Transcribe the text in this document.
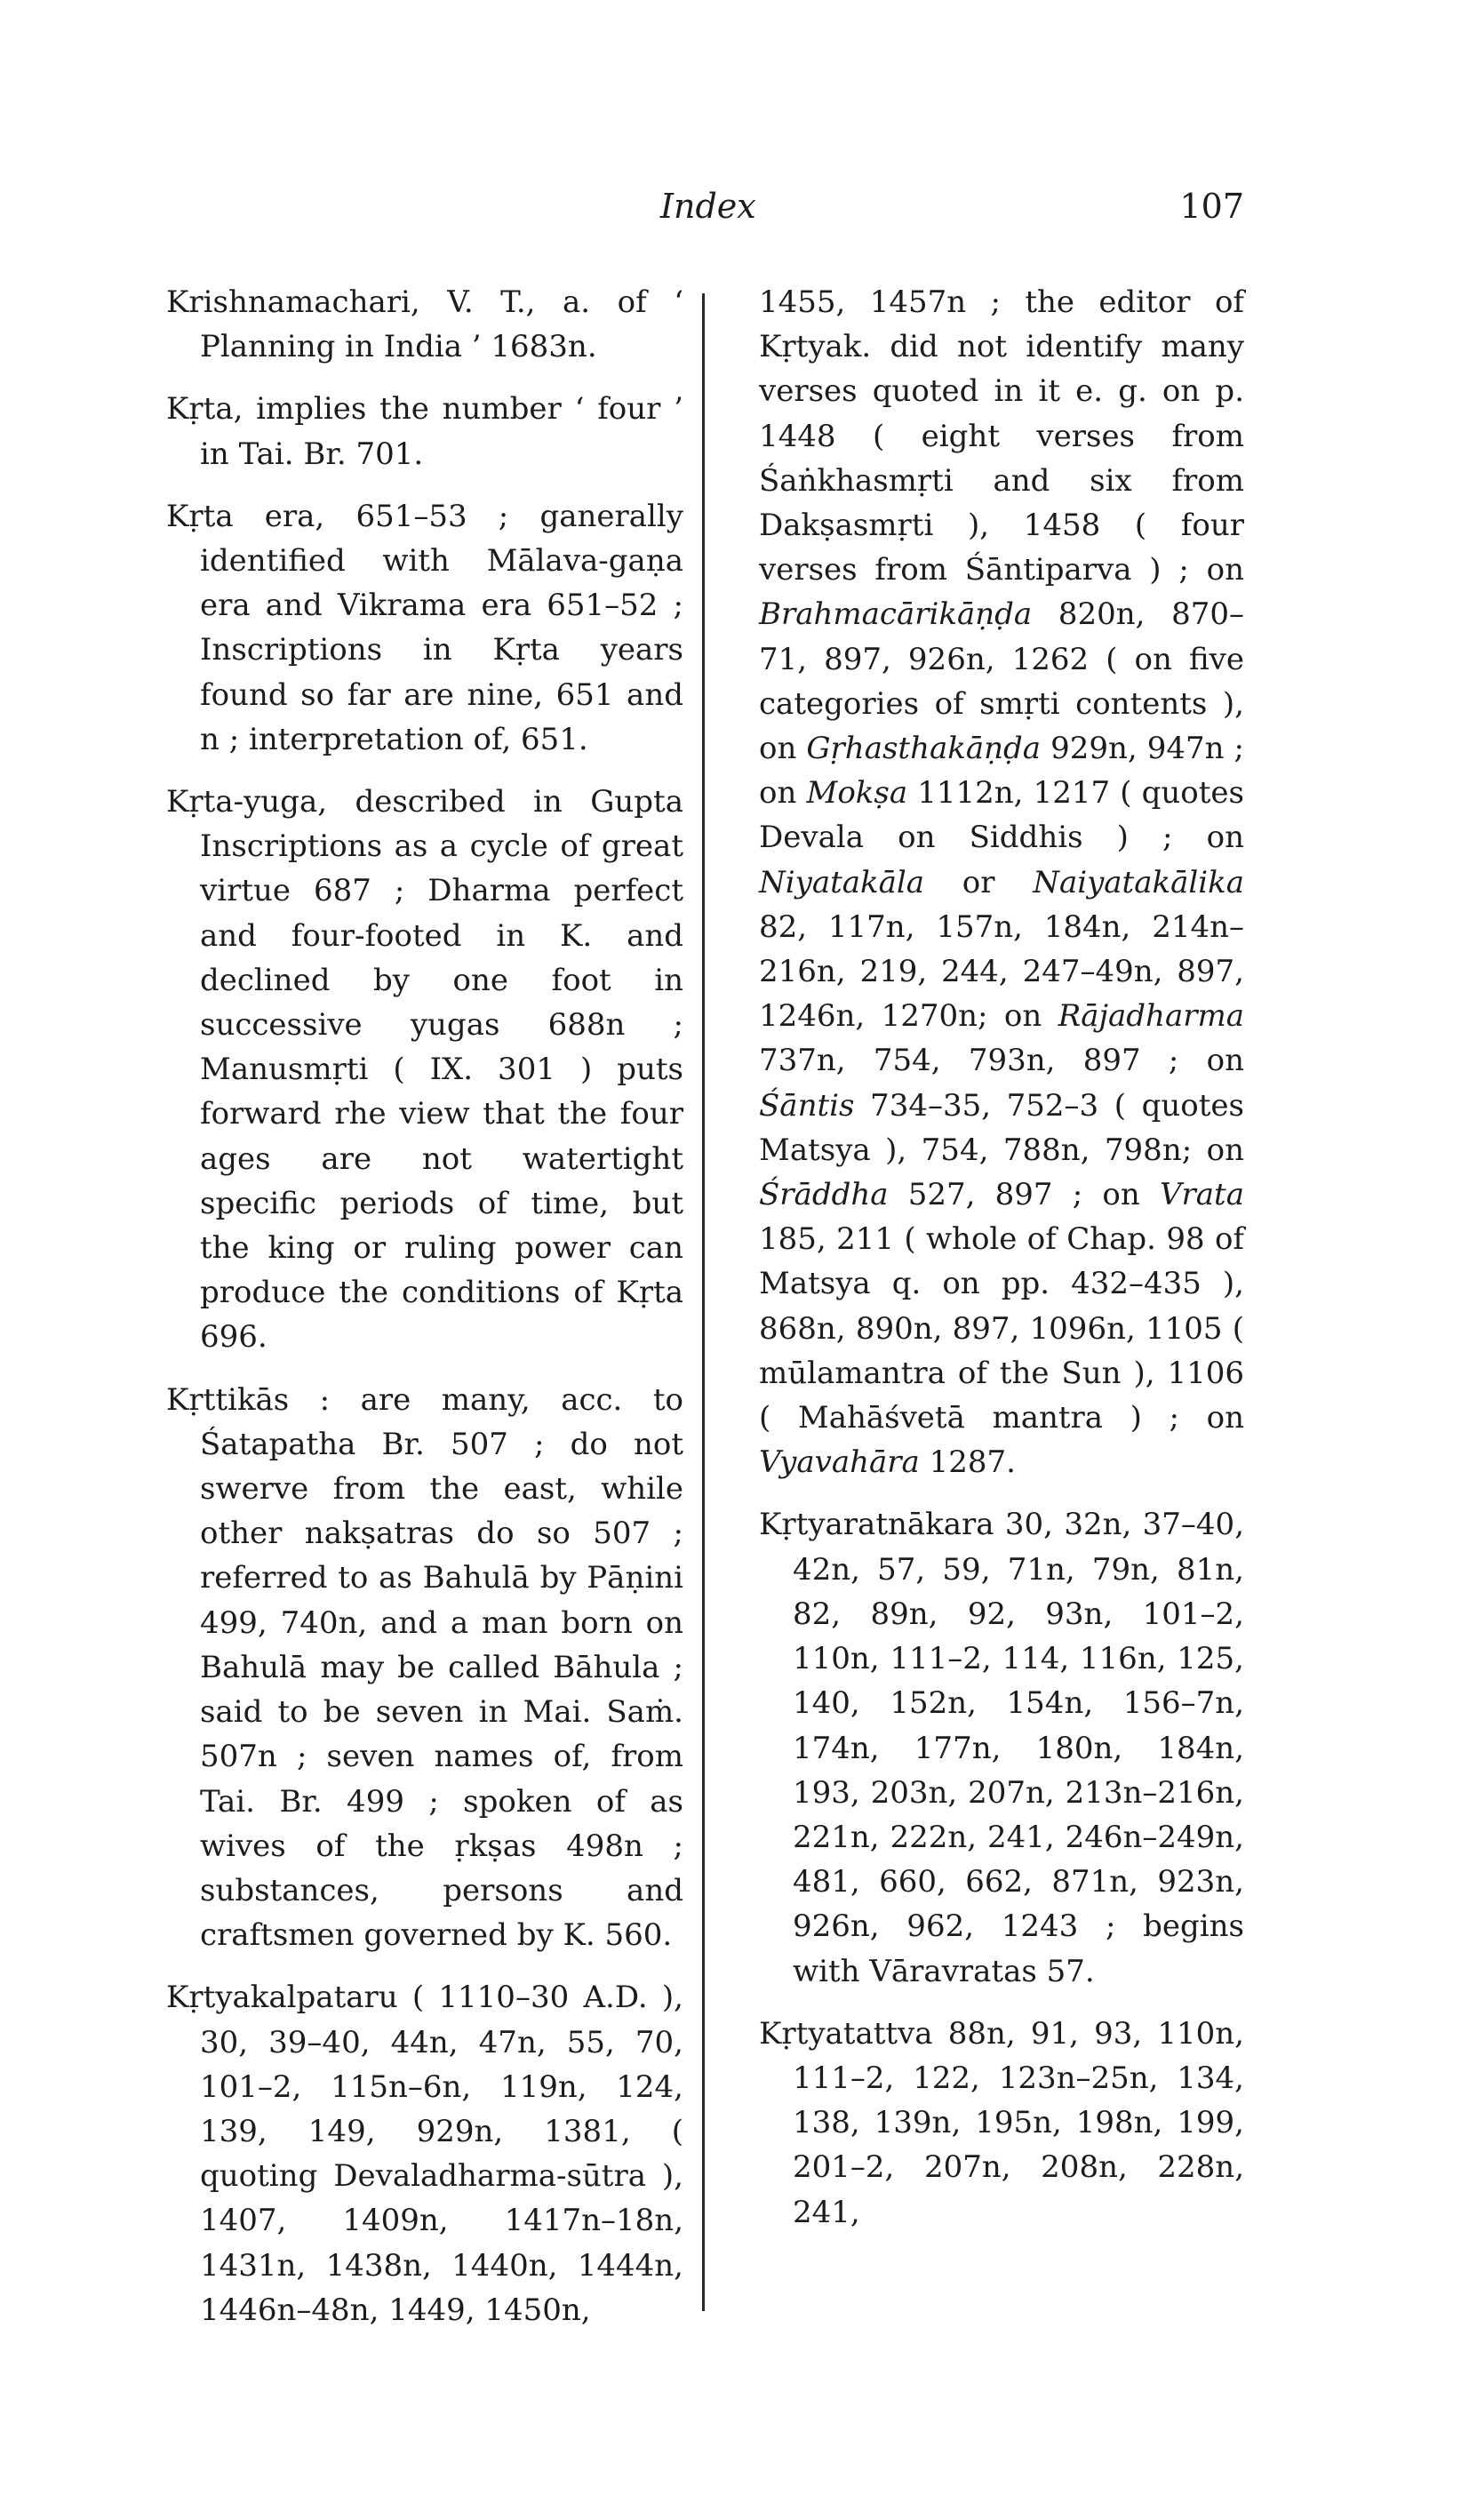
Index	107

Krishnamachari, V. T., a. of ‘ Planning in India ’ 1683n.

Kṛta, implies the number ‘ four ’ in Tai. Br. 701.

Kṛta era, 651–53 ; ganerally identified with Mālava-gaṇa era and Vikrama era 651–52 ; Inscriptions in Kṛta years found so far are nine, 651 and n ; interpretation of, 651.

Kṛta-yuga, described in Gupta Inscriptions as a cycle of great virtue 687 ; Dharma perfect and four-footed in K. and declined by one foot in successive yugas 688n ; Manusmṛti ( IX. 301 ) puts forward rhe view that the four ages are not watertight specific periods of time, but the king or ruling power can produce the conditions of Kṛta 696.

Kṛttikās : are many, acc. to Śatapatha Br. 507 ; do not swerve from the east, while other nakṣatras do so 507 ; referred to as Bahulā by Pāṇini 499, 740n, and a man born on Bahulā may be called Bāhula ; said to be seven in Mai. Saṁ. 507n ; seven names of, from Tai. Br. 499 ; spoken of as wives of the ṛkṣas 498n ; substances, persons and craftsmen governed by K. 560.

Kṛtyakalpataru ( 1110–30 A.D. ), 30, 39–40, 44n, 47n, 55, 70, 101–2, 115n–6n, 119n, 124, 139, 149, 929n, 1381, ( quoting Devaladharma-sūtra ), 1407, 1409n, 1417n–18n, 1431n, 1438n, 1440n, 1444n, 1446n–48n, 1449, 1450n,

1455, 1457n ; the editor of Kṛtyak. did not identify many verses quoted in it e. g. on p. 1448 ( eight verses from Śaṅkhasmṛti and six from Dakṣasmṛti ), 1458 ( four verses from Śāntiparva ) ; on Brahmacārikāṇḍa 820n, 870–71, 897, 926n, 1262 ( on five categories of smṛti contents ), on Gṛhasthakāṇḍa 929n, 947n ; on Mokṣa 1112n, 1217 ( quotes Devala on Siddhis ) ; on Niyatakāla or Naiyatakālika 82, 117n, 157n, 184n, 214n–216n, 219, 244, 247–49n, 897, 1246n, 1270n; on Rājadharma 737n, 754, 793n, 897 ; on Śāntis 734–35, 752–3 ( quotes Matsya ), 754, 788n, 798n; on Śrāddha 527, 897 ; on Vrata 185, 211 ( whole of Chap. 98 of Matsya q. on pp. 432–435 ), 868n, 890n, 897, 1096n, 1105 ( mūlamantra of the Sun ), 1106 ( Mahāśvetā mantra ) ; on Vyavahāra 1287.

Kṛtyaratnākara 30, 32n, 37–40, 42n, 57, 59, 71n, 79n, 81n, 82, 89n, 92, 93n, 101–2, 110n, 111–2, 114, 116n, 125, 140, 152n, 154n, 156–7n, 174n, 177n, 180n, 184n, 193, 203n, 207n, 213n–216n, 221n, 222n, 241, 246n–249n, 481, 660, 662, 871n, 923n, 926n, 962, 1243 ; begins with Vāravratas 57.

Kṛtyatattva 88n, 91, 93, 110n, 111–2, 122, 123n–25n, 134, 138, 139n, 195n, 198n, 199, 201–2, 207n, 208n, 228n, 241,
